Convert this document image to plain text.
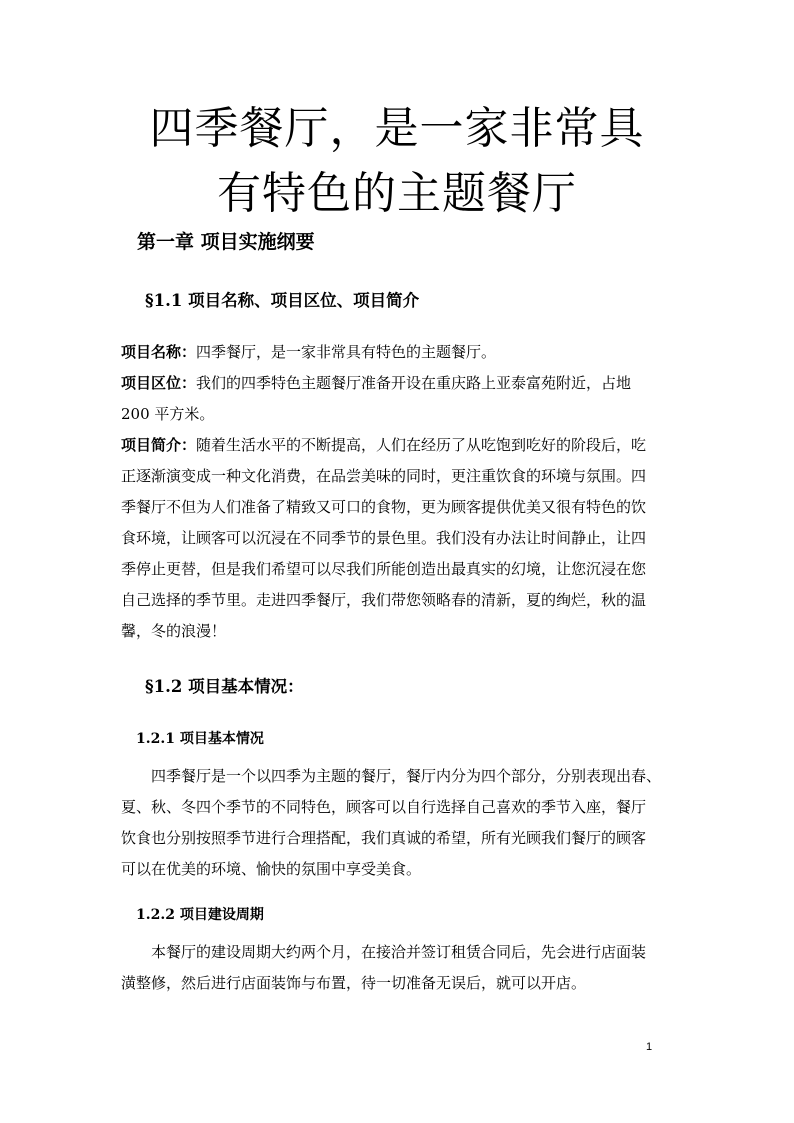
四季餐厅，是一家非常具
有特色的主题餐厅
第一章 项目实施纲要
§1.1 项目名称、项目区位、项目简介
项目名称：四季餐厅，是一家非常具有特色的主题餐厅。
项目区位：我们的四季特色主题餐厅准备开设在重庆路上亚泰富苑附近，占地
200 平方米。
项目简介：随着生活水平的不断提高，人们在经历了从吃饱到吃好的阶段后，吃
正逐渐演变成一种文化消费，在品尝美味的同时，更注重饮食的环境与氛围。四
季餐厅不但为人们准备了精致又可口的食物，更为顾客提供优美又很有特色的饮
食环境，让顾客可以沉浸在不同季节的景色里。我们没有办法让时间静止，让四
季停止更替，但是我们希望可以尽我们所能创造出最真实的幻境，让您沉浸在您
自己选择的季节里。走进四季餐厅，我们带您领略春的清新，夏的绚烂，秋的温
馨，冬的浪漫！
§1.2 项目基本情况：
1.2.1 项目基本情况
四季餐厅是一个以四季为主题的餐厅，餐厅内分为四个部分，分别表现出春、
夏、秋、冬四个季节的不同特色，顾客可以自行选择自己喜欢的季节入座，餐厅
饮食也分别按照季节进行合理搭配，我们真诚的希望，所有光顾我们餐厅的顾客
可以在优美的环境、愉快的氛围中享受美食。
1.2.2 项目建设周期
本餐厅的建设周期大约两个月，在接洽并签订租赁合同后，先会进行店面装
潢整修，然后进行店面装饰与布置，待一切准备无误后，就可以开店。
1
